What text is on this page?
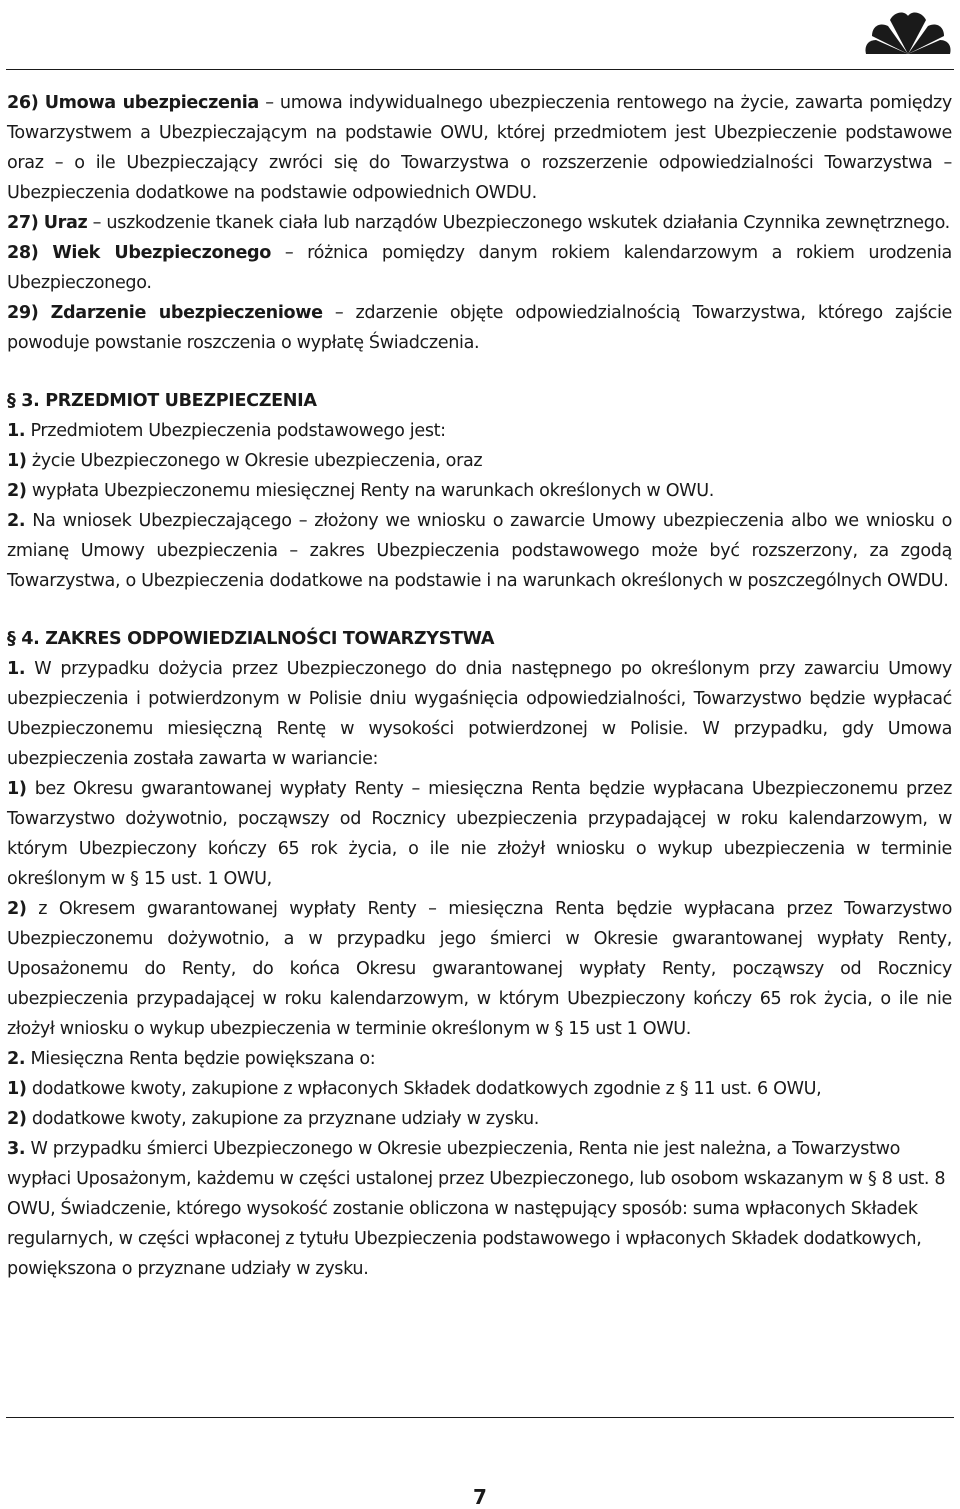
26) Umowa ubezpieczenia – umowa indywidualnego ubezpieczenia rentowego na życie, zawarta pomiędzy Towarzystwem a Ubezpieczającym na podstawie OWU, której przedmiotem jest Ubezpieczenie podstawowe oraz – o ile Ubezpieczający zwróci się do Towarzystwa o rozszerzenie odpowiedzialności Towarzystwa – Ubezpieczenia dodatkowe na podstawie odpowiednich OWDU.

27) Uraz – uszkodzenie tkanek ciała lub narządów Ubezpieczonego wskutek działania Czynnika zewnętrznego.

28) Wiek Ubezpieczonego – różnica pomiędzy danym rokiem kalendarzowym a rokiem urodzenia Ubezpieczonego.

29) Zdarzenie ubezpieczeniowe – zdarzenie objęte odpowiedzialnością Towarzystwa, którego zajście powoduje powstanie roszczenia o wypłatę Świadczenia.

§ 3. PRZEDMIOT UBEZPIECZENIA

1. Przedmiotem Ubezpieczenia podstawowego jest:

1) życie Ubezpieczonego w Okresie ubezpieczenia, oraz

2) wypłata Ubezpieczonemu miesięcznej Renty na warunkach określonych w OWU.

2. Na wniosek Ubezpieczającego – złożony we wniosku o zawarcie Umowy ubezpieczenia albo we wniosku o zmianę Umowy ubezpieczenia – zakres Ubezpieczenia podstawowego może być rozszerzony, za zgodą Towarzystwa, o Ubezpieczenia dodatkowe na podstawie i na warunkach określonych w poszczególnych OWDU.

§ 4. ZAKRES ODPOWIEDZIALNOŚCI TOWARZYSTWA

1. W przypadku dożycia przez Ubezpieczonego do dnia następnego po określonym przy zawarciu Umowy ubezpieczenia i potwierdzonym w Polisie dniu wygaśnięcia odpowiedzialności, Towarzystwo będzie wypłacać Ubezpieczonemu miesięczną Rentę w wysokości potwierdzonej w Polisie. W przypadku, gdy Umowa ubezpieczenia została zawarta w wariancie:

1) bez Okresu gwarantowanej wypłaty Renty – miesięczna Renta będzie wypłacana Ubezpieczonemu przez Towarzystwo dożywotnio, począwszy od Rocznicy ubezpieczenia przypadającej w roku kalendarzowym, w którym Ubezpieczony kończy 65 rok życia, o ile nie złożył wniosku o wykup ubezpieczenia w terminie określonym w § 15 ust. 1 OWU,

2) z Okresem gwarantowanej wypłaty Renty – miesięczna Renta będzie wypłacana przez Towarzystwo Ubezpieczonemu dożywotnio, a w przypadku jego śmierci w Okresie gwarantowanej wypłaty Renty, Uposażonemu do Renty, do końca Okresu gwarantowanej wypłaty Renty, począwszy od Rocznicy ubezpieczenia przypadającej w roku kalendarzowym, w którym Ubezpieczony kończy 65 rok życia, o ile nie złożył wniosku o wykup ubezpieczenia w terminie określonym w § 15 ust 1 OWU.

2. Miesięczna Renta będzie powiększana o:

1) dodatkowe kwoty, zakupione z wpłaconych Składek dodatkowych zgodnie z § 11 ust. 6 OWU,

2) dodatkowe kwoty, zakupione za przyznane udziały w zysku.

3. W przypadku śmierci Ubezpieczonego w Okresie ubezpieczenia, Renta nie jest należna, a Towarzystwo wypłaci Uposażonym, każdemu w części ustalonej przez Ubezpieczonego, lub osobom wskazanym w § 8 ust. 8 OWU, Świadczenie, którego wysokość zostanie obliczona w następujący sposób: suma wpłaconych Składek regularnych, w części wpłaconej z tytułu Ubezpieczenia podstawowego i wpłaconych Składek dodatkowych, powiększona o przyznane udziały w zysku.

7
